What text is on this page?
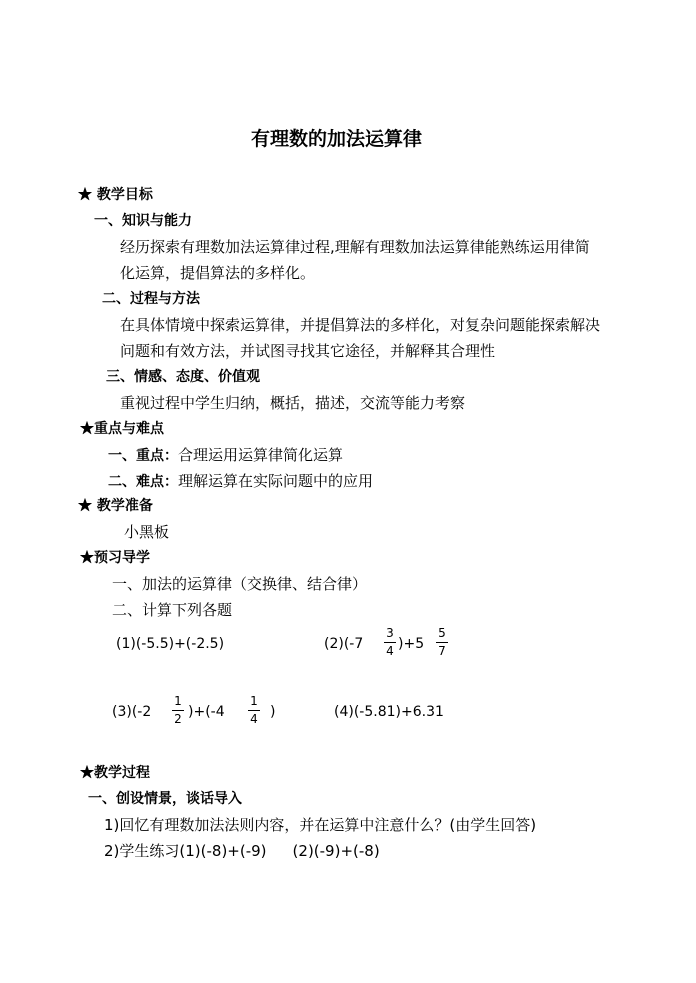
有理数的加法运算律
★ 教学目标
一、知识与能力
经历探索有理数加法运算律过程,理解有理数加法运算律能熟练运用律简
化运算，提倡算法的多样化。
二、过程与方法
在具体情境中探索运算律，并提倡算法的多样化，对复杂问题能探索解决
问题和有效方法，并试图寻找其它途径，并解释其合理性
三、情感、态度、价值观
重视过程中学生归纳，概括，描述，交流等能力考察
★重点与难点
一、重点：合理运用运算律简化运算
二、难点：理解运算在实际问题中的应用
★ 教学准备
小黑板
★预习导学
一、加法的运算律（交换律、结合律）
二、计算下列各题
(1)(-5.5)+(-2.5)	(2)(-7
3
4 )+5
5
7
(3)(-2
1
2 )+(-4
1
4 )	(4)(-5.81)+6.31
★教学过程
一、创设情景，谈话导入
1)回忆有理数加法法则内容，并在运算中注意什么？(由学生回答)
2)学生练习(1)(-8)+(-9) (2)(-9)+(-8)
